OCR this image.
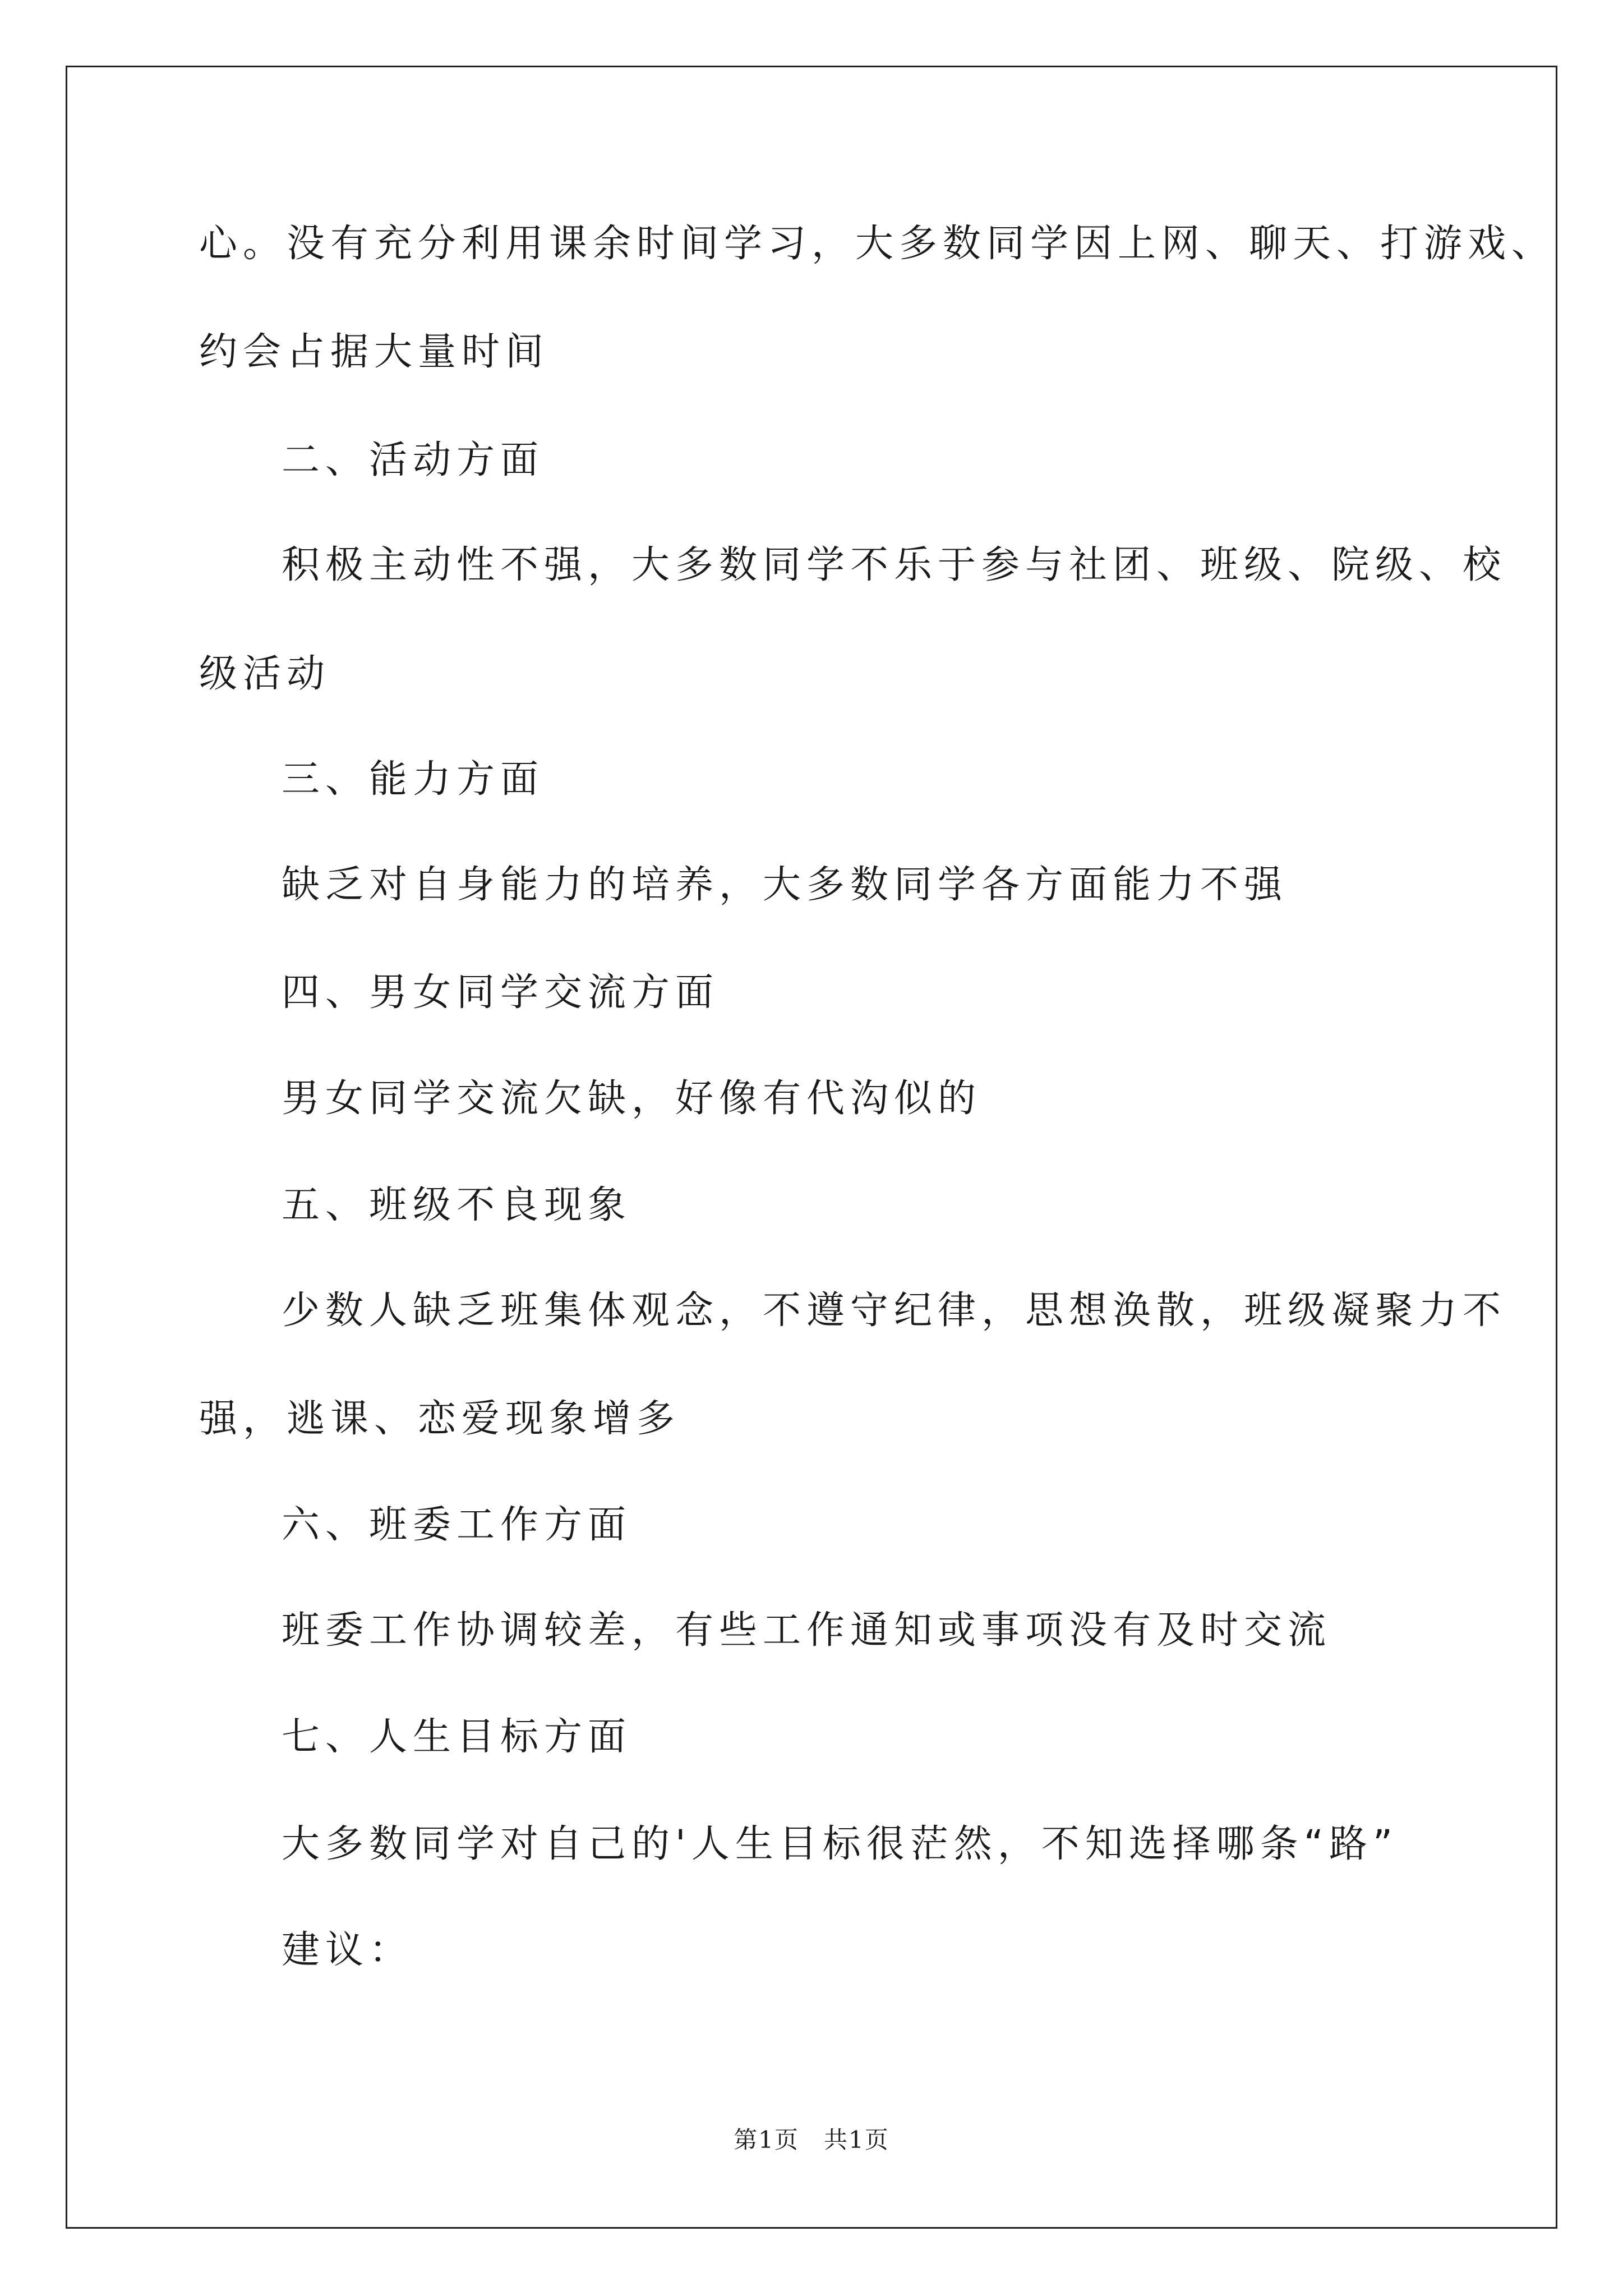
心。没有充分利用课余时间学习，大多数同学因上网、聊天、打游戏、

约会占据大量时间

二、活动方面

积极主动性不强，大多数同学不乐于参与社团、班级、院级、校

级活动

三、能力方面

缺乏对自身能力的培养，大多数同学各方面能力不强

四、男女同学交流方面

男女同学交流欠缺，好像有代沟似的

五、班级不良现象

少数人缺乏班集体观念，不遵守纪律，思想涣散，班级凝聚力不

强，逃课、恋爱现象增多

六、班委工作方面

班委工作协调较差，有些工作通知或事项没有及时交流

七、人生目标方面

大多数同学对自己的'人生目标很茫然，不知选择哪条“路”

建议：

第1页　共1页
